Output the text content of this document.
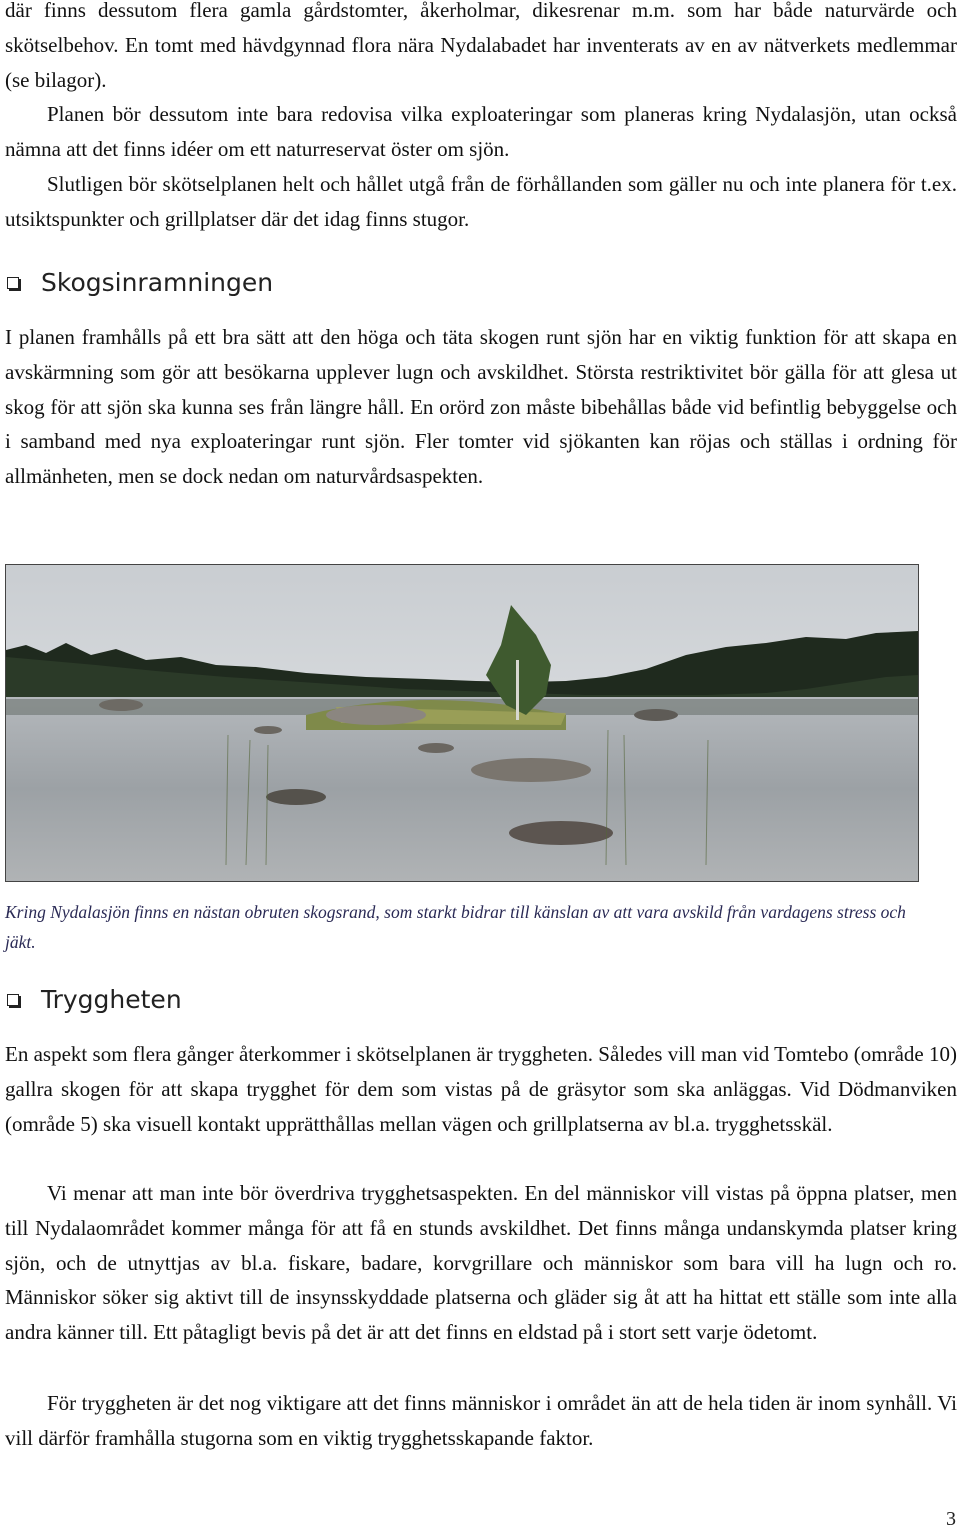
där finns dessutom flera gamla gårdstomter, åkerholmar, dikesrenar m.m. som har både naturvärde och skötselbehov. En tomt med hävdgynnad flora nära Nydalabadet har inventerats av en av nätverkets medlemmar (se bilagor).

Planen bör dessutom inte bara redovisa vilka exploateringar som planeras kring Nydalasjön, utan också nämna att det finns idéer om ett naturreservat öster om sjön.

Slutligen bör skötselplanen helt och hållet utgå från de förhållanden som gäller nu och inte planera för t.ex. utsiktspunkter och grillplatser där det idag finns stugor.

Skogsinramningen

I planen framhålls på ett bra sätt att den höga och täta skogen runt sjön har en viktig funktion för att skapa en avskärmning som gör att besökarna upplever lugn och avskildhet. Största restriktivitet bör gälla för att glesa ut skog för att sjön ska kunna ses från längre håll. En orörd zon måste bibehållas både vid befintlig bebyggelse och i samband med nya exploateringar runt sjön. Fler tomter vid sjökanten kan röjas och ställas i ordning för allmänheten, men se dock nedan om naturvårdsaspekten.

Kring Nydalasjön finns en nästan obruten skogsrand, som starkt bidrar till känslan av att vara avskild från vardagens stress och jäkt.
Tryggheten

En aspekt som flera gånger återkommer i skötselplanen är tryggheten. Således vill man vid Tomtebo (område 10) gallra skogen för att skapa trygghet för dem som vistas på de gräsytor som ska anläggas. Vid Dödmanviken (område 5) ska visuell kontakt upprätthållas mellan vägen och grillplatserna av bl.a. trygghetsskäl.

Vi menar att man inte bör överdriva trygghetsaspekten. En del människor vill vistas på öppna platser, men till Nydalaområdet kommer många för att få en stunds avskildhet. Det finns många undanskymda platser kring sjön, och de utnyttjas av bl.a. fiskare, badare, korvgrillare och människor som bara vill ha lugn och ro. Människor söker sig aktivt till de insynsskyddade platserna och gläder sig åt att ha hittat ett ställe som inte alla andra känner till. Ett påtagligt bevis på det är att det finns en eldstad på i stort sett varje ödetomt.

För tryggheten är det nog viktigare att det finns människor i området än att de hela tiden är inom synhåll. Vi vill därför framhålla stugorna som en viktig trygghetsskapande faktor.

3
